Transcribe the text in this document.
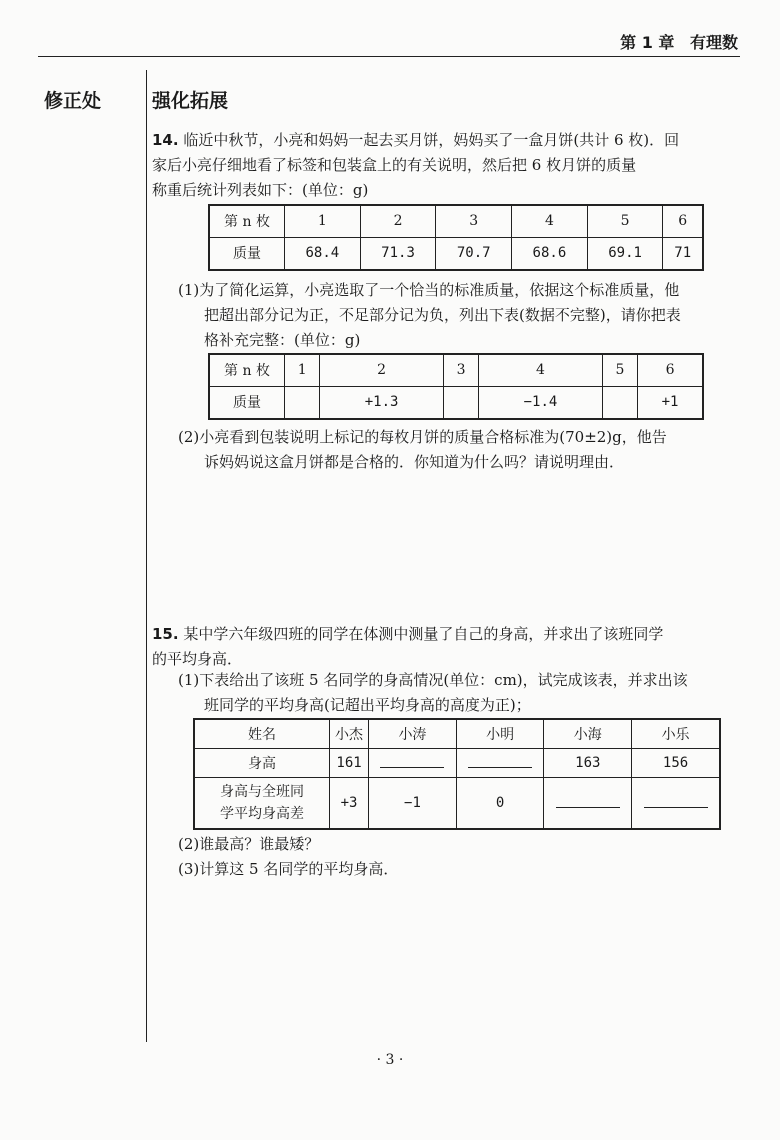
第 1 章 有理数
修正处	强化拓展
14. 临近中秋节，小亮和妈妈一起去买月饼，妈妈买了一盒月饼(共计 6 枚)．回
家后小亮仔细地看了标签和包装盒上的有关说明，然后把 6 枚月饼的质量
称重后统计列表如下：(单位：g)
第 n 枚	1	2	3	4	5	6
质量	68.4	71.3	70.7	68.6	69.1	71
(1)为了简化运算，小亮选取了一个恰当的标准质量，依据这个标准质量，他
把超出部分记为正，不足部分记为负，列出下表(数据不完整)，请你把表
格补充完整：(单位：g)
第 n 枚	1	2	3	4	5	6
质量		+1.3		−1.4		+1
(2)小亮看到包装说明上标记的每枚月饼的质量合格标准为(70±2)g，他告
诉妈妈说这盒月饼都是合格的．你知道为什么吗？请说明理由．
15. 某中学六年级四班的同学在体测中测量了自己的身高，并求出了该班同学
的平均身高．
(1)下表给出了该班 5 名同学的身高情况(单位：cm)，试完成该表，并求出该
班同学的平均身高(记超出平均身高的高度为正)；
姓名	小杰	小涛	小明	小海	小乐
身高	161			163	156

身高与全班同
学平均身高差	+3	−1	0		
(2)谁最高？谁最矮？
(3)计算这 5 名同学的平均身高．
· 3 ·
